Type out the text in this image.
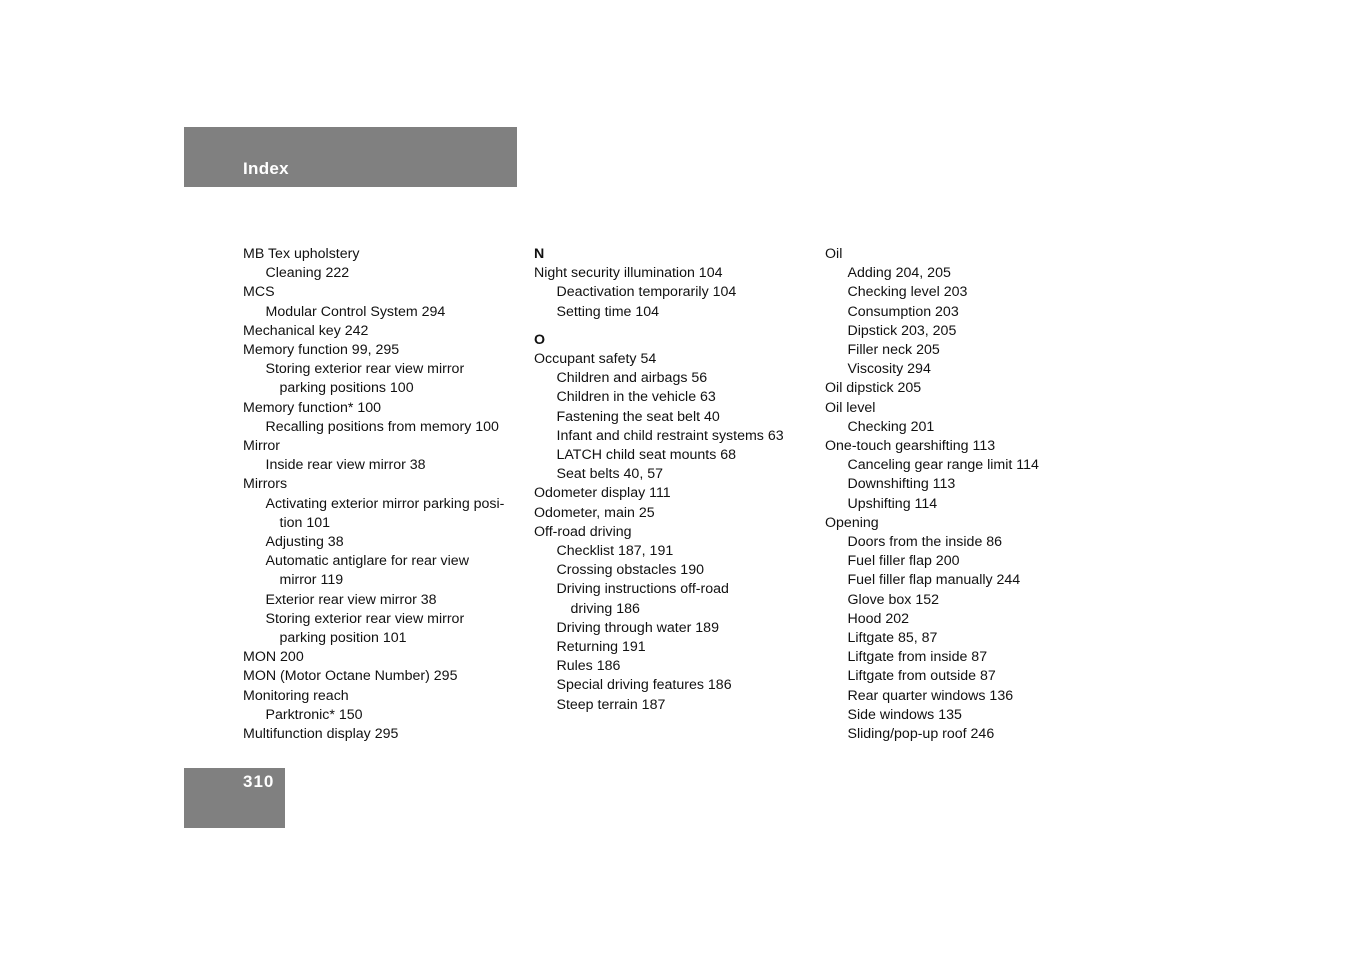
Index
MB Tex upholstery
Cleaning 222
MCS
Modular Control System 294
Mechanical key 242
Memory function 99, 295
Storing exterior rear view mirror
parking positions 100
Memory function* 100
Recalling positions from memory 100
Mirror
Inside rear view mirror 38
Mirrors
Activating exterior mirror parking posi-
tion 101
Adjusting 38
Automatic antiglare for rear view
mirror 119
Exterior rear view mirror 38
Storing exterior rear view mirror
parking position 101
MON 200
MON (Motor Octane Number) 295
Monitoring reach
Parktronic* 150
Multifunction display 295
N
Night security illumination 104
Deactivation temporarily 104
Setting time 104
O
Occupant safety 54
Children and airbags 56
Children in the vehicle 63
Fastening the seat belt 40
Infant and child restraint systems 63
LATCH child seat mounts 68
Seat belts 40, 57
Odometer display 111
Odometer, main 25
Off-road driving
Checklist 187, 191
Crossing obstacles 190
Driving instructions off-road
driving 186
Driving through water 189
Returning 191
Rules 186
Special driving features 186
Steep terrain 187
Oil
Adding 204, 205
Checking level 203
Consumption 203
Dipstick 203, 205
Filler neck 205
Viscosity 294
Oil dipstick 205
Oil level
Checking 201
One-touch gearshifting 113
Canceling gear range limit 114
Downshifting 113
Upshifting 114
Opening
Doors from the inside 86
Fuel filler flap 200
Fuel filler flap manually 244
Glove box 152
Hood 202
Liftgate 85, 87
Liftgate from inside 87
Liftgate from outside 87
Rear quarter windows 136
Side windows 135
Sliding/pop-up roof 246
310
